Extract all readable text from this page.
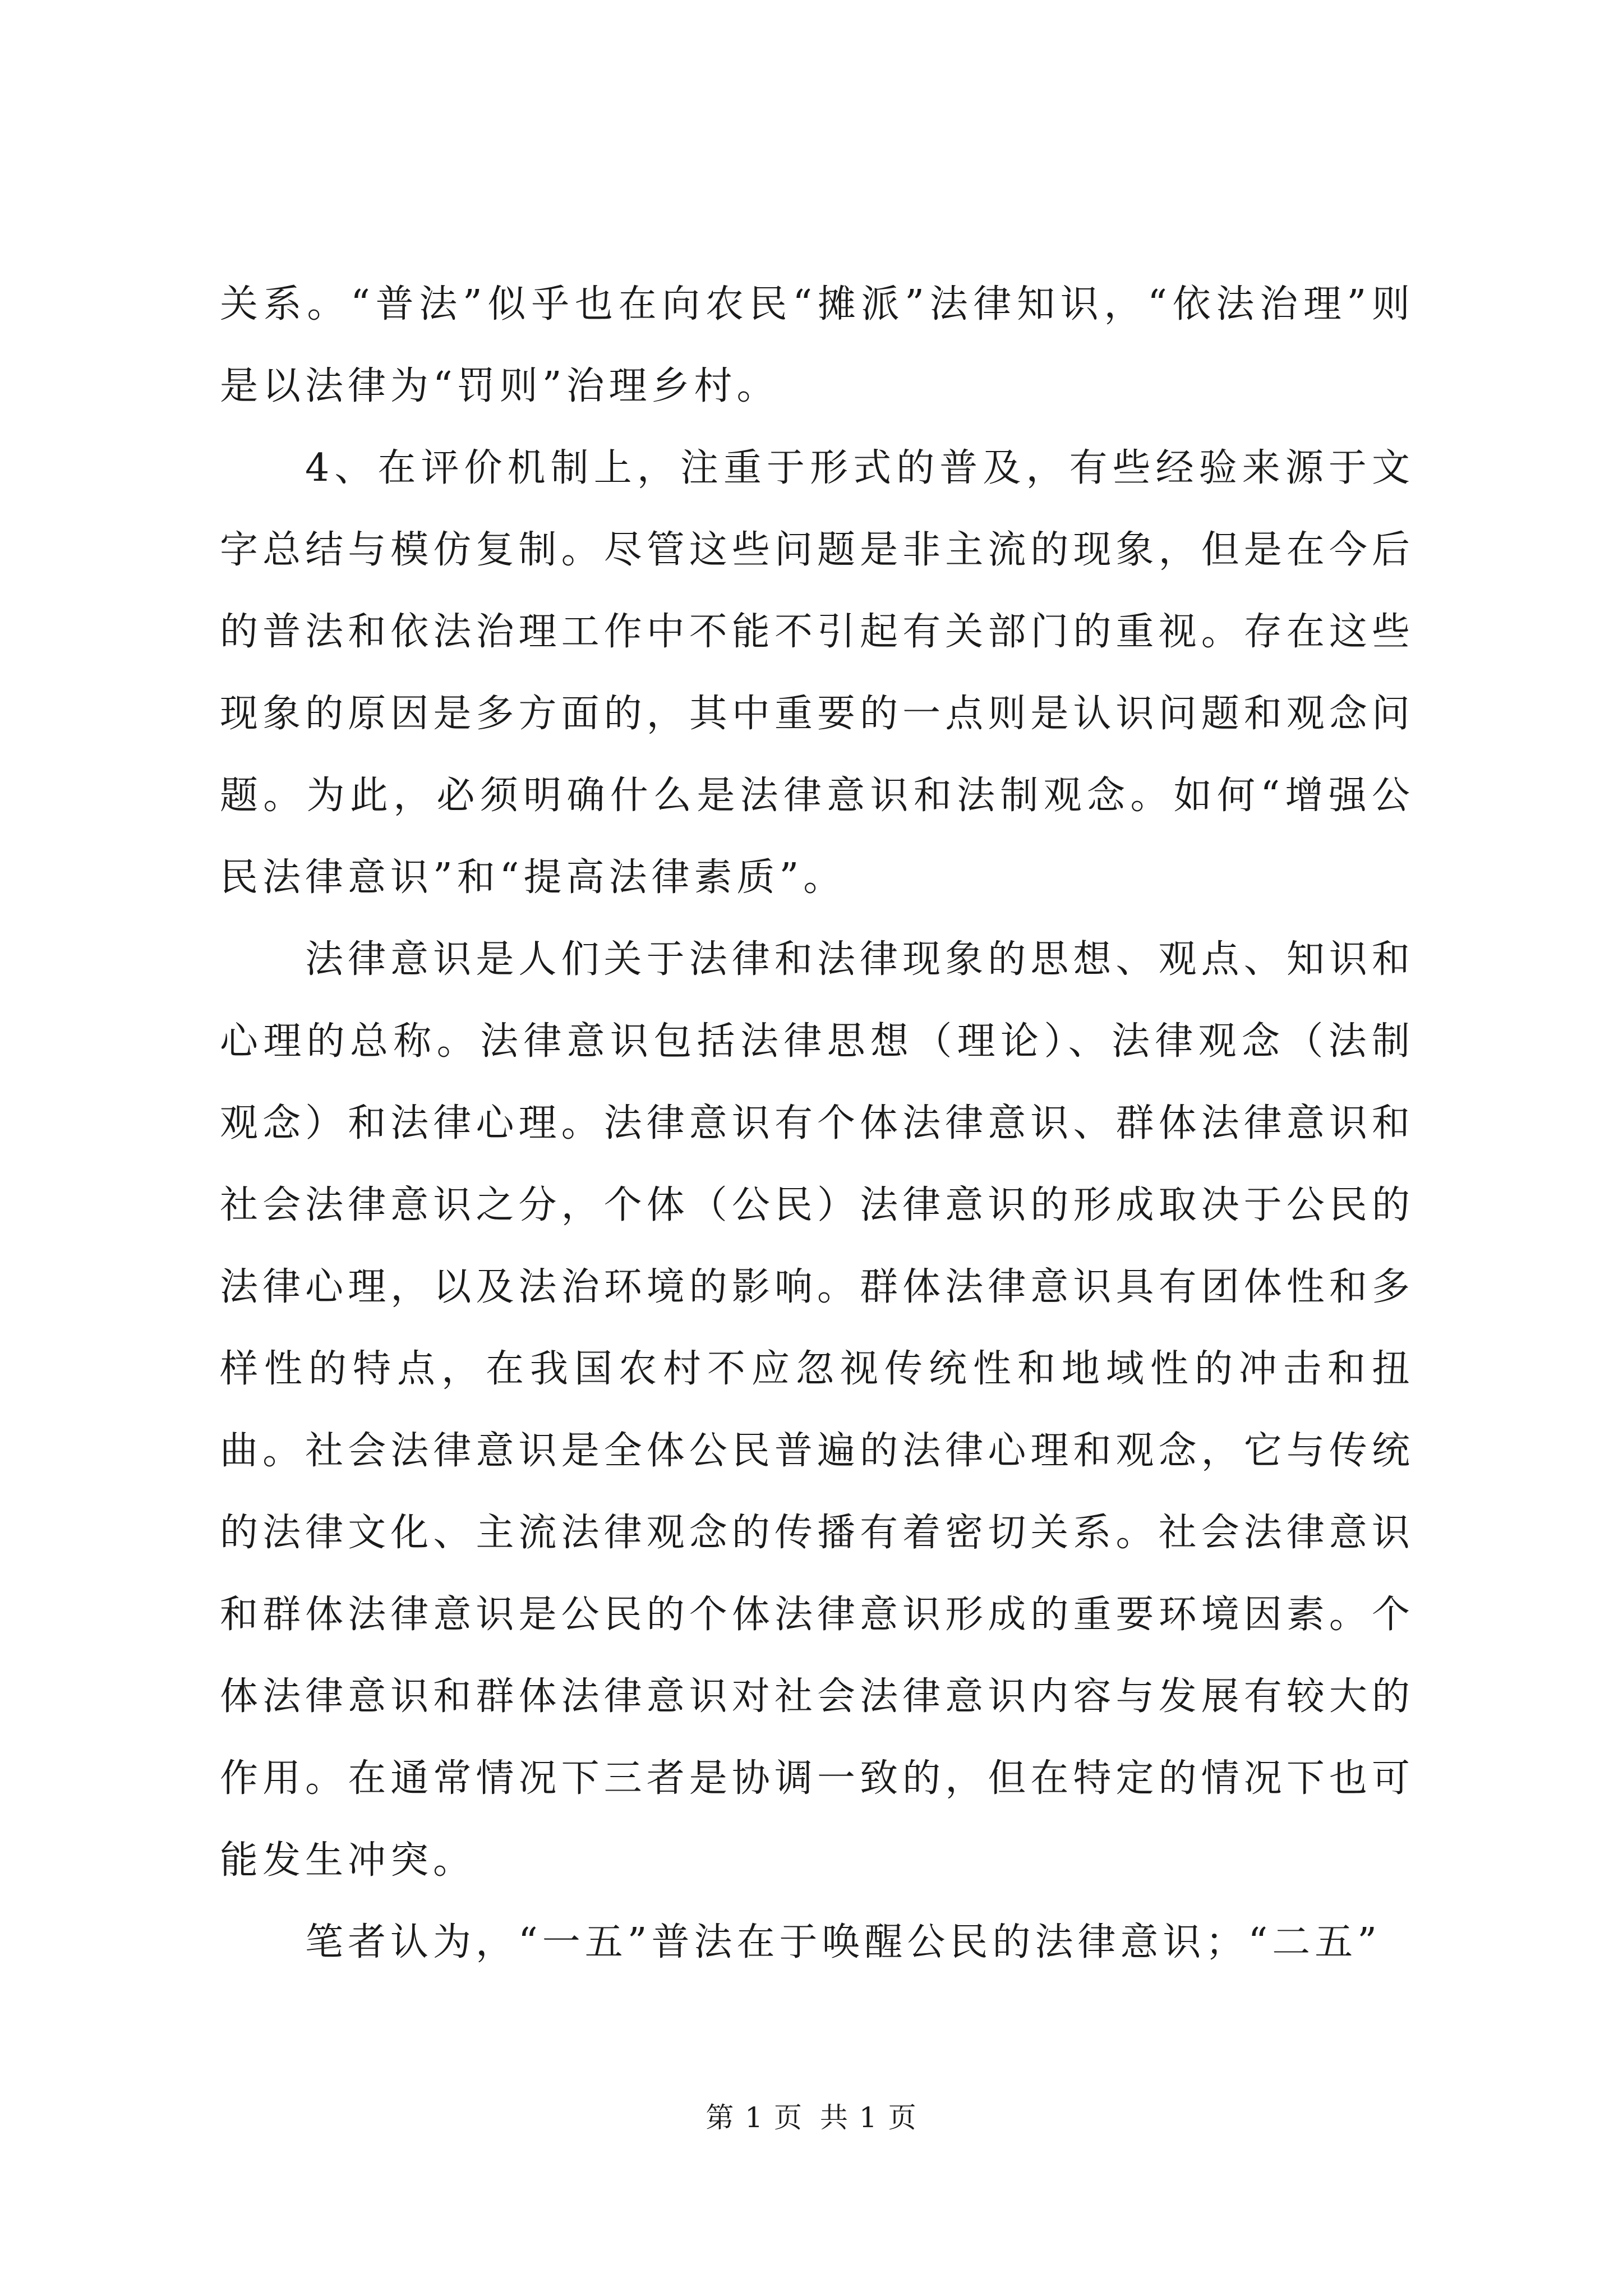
关系。“普法”似乎也在向农民“摊派”法律知识，“依法治理”则是以法律为“罚则”治理乡村。

4、在评价机制上，注重于形式的普及，有些经验来源于文字总结与模仿复制。尽管这些问题是非主流的现象，但是在今后的普法和依法治理工作中不能不引起有关部门的重视。存在这些现象的原因是多方面的，其中重要的一点则是认识问题和观念问题。为此，必须明确什么是法律意识和法制观念。如何“增强公民法律意识”和“提高法律素质”。

法律意识是人们关于法律和法律现象的思想、观点、知识和心理的总称。法律意识包括法律思想（理论）、法律观念（法制观念）和法律心理。法律意识有个体法律意识、群体法律意识和社会法律意识之分，个体（公民）法律意识的形成取决于公民的法律心理，以及法治环境的影响。群体法律意识具有团体性和多样性的特点，在我国农村不应忽视传统性和地域性的冲击和扭曲。社会法律意识是全体公民普遍的法律心理和观念，它与传统的法律文化、主流法律观念的传播有着密切关系。社会法律意识和群体法律意识是公民的个体法律意识形成的重要环境因素。个体法律意识和群体法律意识对社会法律意识内容与发展有较大的作用。在通常情况下三者是协调一致的，但在特定的情况下也可能发生冲突。

笔者认为，“一五”普法在于唤醒公民的法律意识；“二五”

第 1 页 共 1 页
